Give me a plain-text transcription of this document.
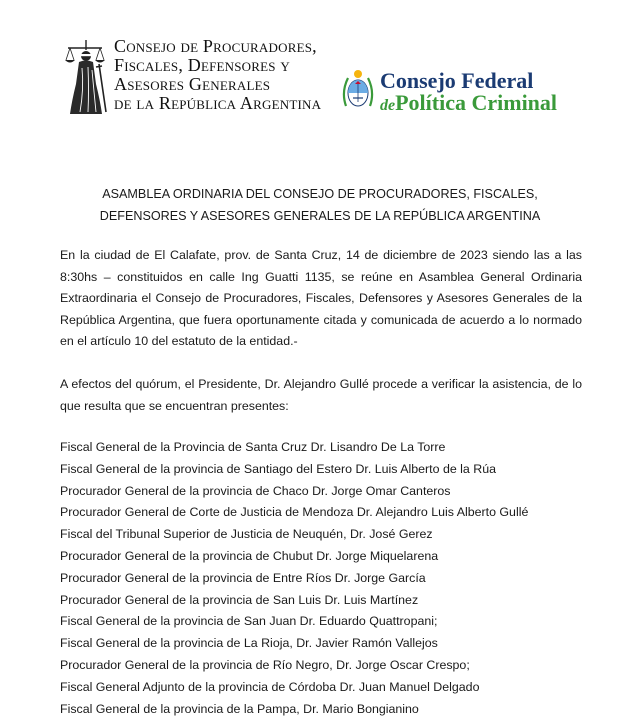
Consejo de Procuradores,
Fiscales, Defensores y
Asesores Generales
de la República Argentina
Consejo Federal
dePolítica Criminal
ASAMBLEA ORDINARIA DEL CONSEJO DE PROCURADORES, FISCALES,
DEFENSORES Y ASESORES GENERALES DE LA REPÚBLICA ARGENTINA
En la ciudad de El Calafate, prov. de Santa Cruz, 14 de diciembre de 2023 siendo las a las 8:30hs – constituidos en calle Ing Guatti 1135, se reúne en Asamblea General Ordinaria Extraordinaria el Consejo de Procuradores, Fiscales, Defensores y Asesores Generales de la República Argentina, que fuera oportunamente citada y comunicada de acuerdo a lo normado en el artículo 10 del estatuto de la entidad.-
A efectos del quórum, el Presidente, Dr. Alejandro Gullé procede a verificar la asistencia, de lo que resulta que se encuentran presentes:
Fiscal General de la Provincia de Santa Cruz Dr. Lisandro De La Torre
Fiscal General de la provincia de Santiago del Estero Dr. Luis Alberto de la Rúa
Procurador General de la provincia de Chaco Dr. Jorge Omar Canteros
Procurador General de Corte de Justicia de Mendoza Dr. Alejandro Luis Alberto Gullé
Fiscal del Tribunal Superior de Justicia de Neuquén, Dr. José Gerez
Procurador General de la provincia de Chubut Dr. Jorge Miquelarena
Procurador General de la provincia de Entre Ríos Dr. Jorge García
Procurador General de la provincia de San Luis Dr. Luis Martínez
Fiscal General de la provincia de San Juan Dr. Eduardo Quattropani;
Fiscal General de la provincia de La Rioja, Dr. Javier Ramón Vallejos
Procurador General de la provincia de Río Negro, Dr. Jorge Oscar Crespo;
Fiscal General Adjunto de la provincia de Córdoba Dr. Juan Manuel Delgado
Fiscal General de la provincia de la Pampa, Dr. Mario Bongianino
